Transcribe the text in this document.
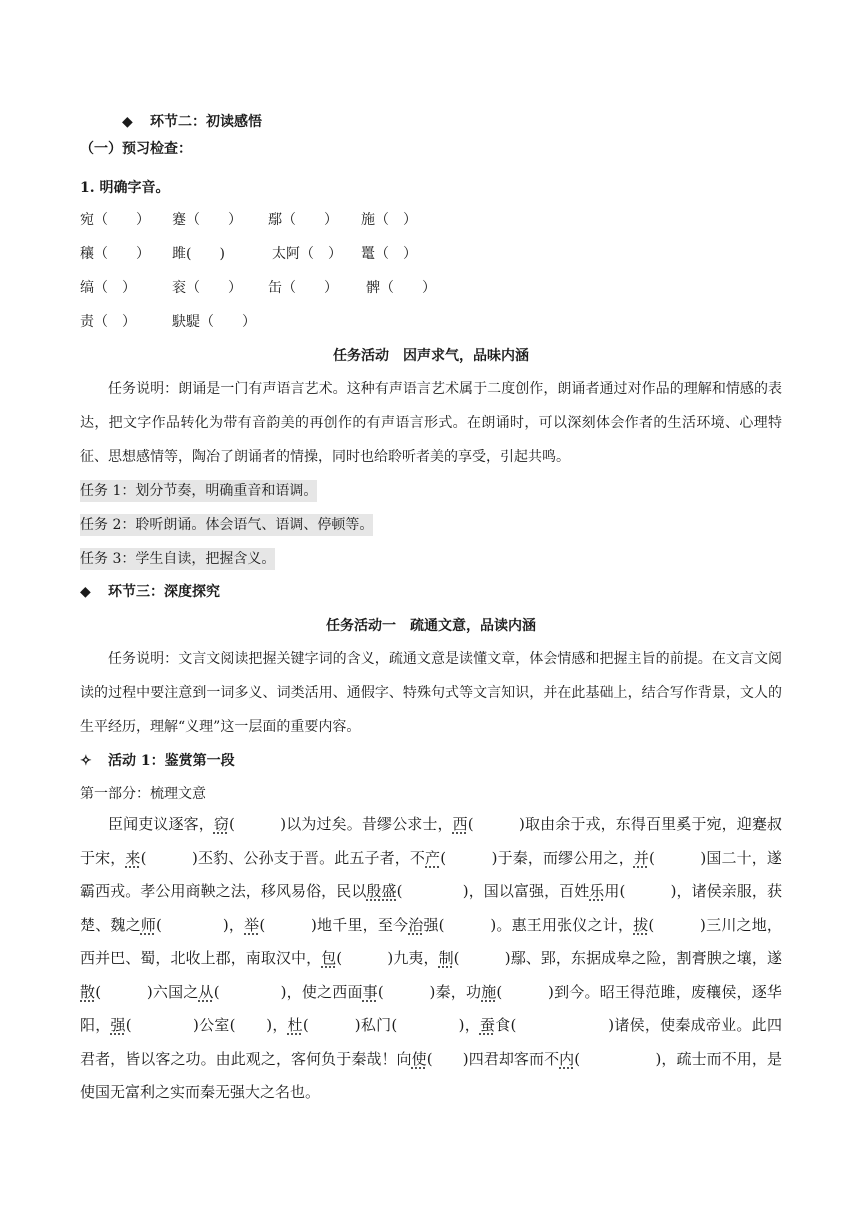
◆ 环节二：初读感悟
（一）预习检查：
1. 明确字音。
宛（　　） 蹇（　　） 鄢（　　） 施（　）
穰（　　） 雎(　　)	太阿（　） 鼍（　）
缟（　）	衮（　　） 缶（　　） 髀（　　）
责（　）	駃騠（　　）
任务活动　因声求气，品味内涵
任务说明：朗诵是一门有声语言艺术。这种有声语言艺术属于二度创作，朗诵者通过对作品的理解和情感的表达，把文字作品转化为带有音韵美的再创作的有声语言形式。在朗诵时，可以深刻体会作者的生活环境、心理特征、思想感情等，陶冶了朗诵者的情操，同时也给聆听者美的享受，引起共鸣。
任务 1：划分节奏，明确重音和语调。
任务 2：聆听朗诵。体会语气、语调、停顿等。
任务 3：学生自读，把握含义。
◆ 环节三：深度探究
任务活动一　疏通文意，品读内涵
任务说明：文言文阅读把握关键字词的含义，疏通文意是读懂文章，体会情感和把握主旨的前提。在文言文阅读的过程中要注意到一词多义、词类活用、通假字、特殊句式等文言知识，并在此基础上，结合写作背景，文人的生平经历，理解“义理”这一层面的重要内容。
✧ 活动 1：鉴赏第一段
第一部分：梳理文意
臣闻吏议逐客，窃(　　　)以为过矣。昔缪公求士，西(　　　)取由余于戎，东得百里奚于宛，迎蹇叔于宋，来(　　　)丕豹、公孙支于晋。此五子者，不产(　　　)于秦，而缪公用之，并(　　　)国二十，遂霸西戎。孝公用商鞅之法，移风易俗，民以殷盛(　　　　)，国以富强，百姓乐用(　　　)，诸侯亲服，获楚、魏之师(　　　　)，举(　　　)地千里，至今治强(　　　)。惠王用张仪之计，拔(　　　)三川之地，西并巴、蜀，北收上郡，南取汉中，包(　　　)九夷，制(　　　)鄢、郢，东据成皋之险，割膏腴之壤，遂散(　　　)六国之从(　　　　)，使之西面事(　　　)秦，功施(　　　)到今。昭王得范雎，废穰侯，逐华阳，强(　　　　)公室(　　)，杜(　　　)私门(　　　　)，蚕食(　　　　　　)诸侯，使秦成帝业。此四君者，皆以客之功。由此观之，客何负于秦哉！向使(　　)四君却客而不内(　　　　　)，疏士而不用，是使国无富利之实而秦无强大之名也。
